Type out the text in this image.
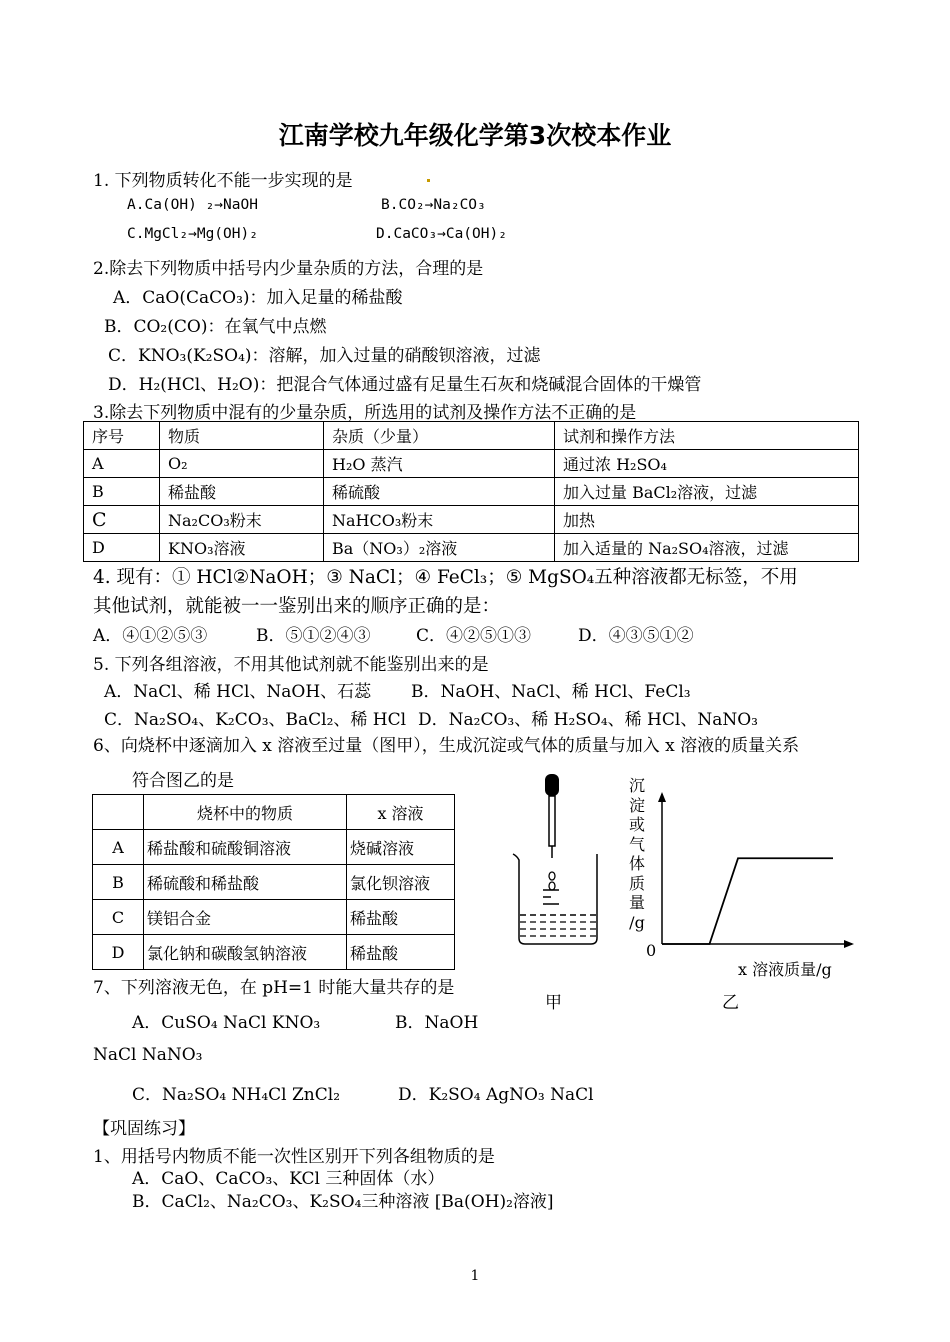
江南学校九年级化学第3次校本作业
1. 下列物质转化不能一步实现的是
A.Ca(OH) ₂→NaOH	B.CO₂→Na₂CO₃
C.MgCl₂→Mg(OH)₂	D.CaCO₃→Ca(OH)₂
2.除去下列物质中括号内少量杂质的方法，合理的是
A．CaO(CaCO₃)：加入足量的稀盐酸
B．CO₂(CO)：在氧气中点燃
C．KNO₃(K₂SO₄)：溶解，加入过量的硝酸钡溶液，过滤
D．H₂(HCl、H₂O)：把混合气体通过盛有足量生石灰和烧碱混合固体的干燥管
3.除去下列物质中混有的少量杂质，所选用的试剂及操作方法不正确的是
序号	物质	杂质（少量）	试剂和操作方法
A	O₂	H₂O 蒸汽	通过浓 H₂SO₄
B	稀盐酸	稀硫酸	加入过量 BaCl₂溶液，过滤
C	Na₂CO₃粉末	NaHCO₃粉末	加热
D	KNO₃溶液	Ba（NO₃）₂溶液	加入适量的 Na₂SO₄溶液，过滤
4. 现有：① HCl②NaOH；③ NaCl；④ FeCl₃；⑤ MgSO₄五种溶液都无标签，不用
其他试剂，就能被一一鉴别出来的顺序正确的是：
A．④①②⑤③	B．⑤①②④③	C．④②⑤①③	D．④③⑤①②
5. 下列各组溶液，不用其他试剂就不能鉴别出来的是
A．NaCl、稀 HCl、NaOH、石蕊 B．NaOH、NaCl、稀 HCl、FeCl₃
C．Na₂SO₄、K₂CO₃、BaCl₂、稀 HCl D．Na₂CO₃、稀 H₂SO₄、稀 HCl、NaNO₃
6、向烧杯中逐滴加入 x 溶液至过量（图甲），生成沉淀或气体的质量与加入 x 溶液的质量关系
符合图乙的是
	烧杯中的物质	x 溶液
A	稀盐酸和硫酸铜溶液	烧碱溶液
B	稀硫酸和稀盐酸	氯化钡溶液
C	镁铝合金	稀盐酸
D	氯化钠和碳酸氢钠溶液	稀盐酸
甲
沉
淀
或
气
体
质
量
/g
0
x 溶液质量/g
乙
7、下列溶液无色，在 pH=1 时能大量共存的是
A．CuSO₄ NaCl KNO₃	B．NaOH
NaCl NaNO₃
C．Na₂SO₄ NH₄Cl ZnCl₂	D．K₂SO₄ AgNO₃ NaCl
【巩固练习】
1、用括号内物质不能一次性区别开下列各组物质的是
A．CaO、CaCO₃、KCl 三种固体（水）
B．CaCl₂、Na₂CO₃、K₂SO₄三种溶液 [Ba(OH)₂溶液]
1
